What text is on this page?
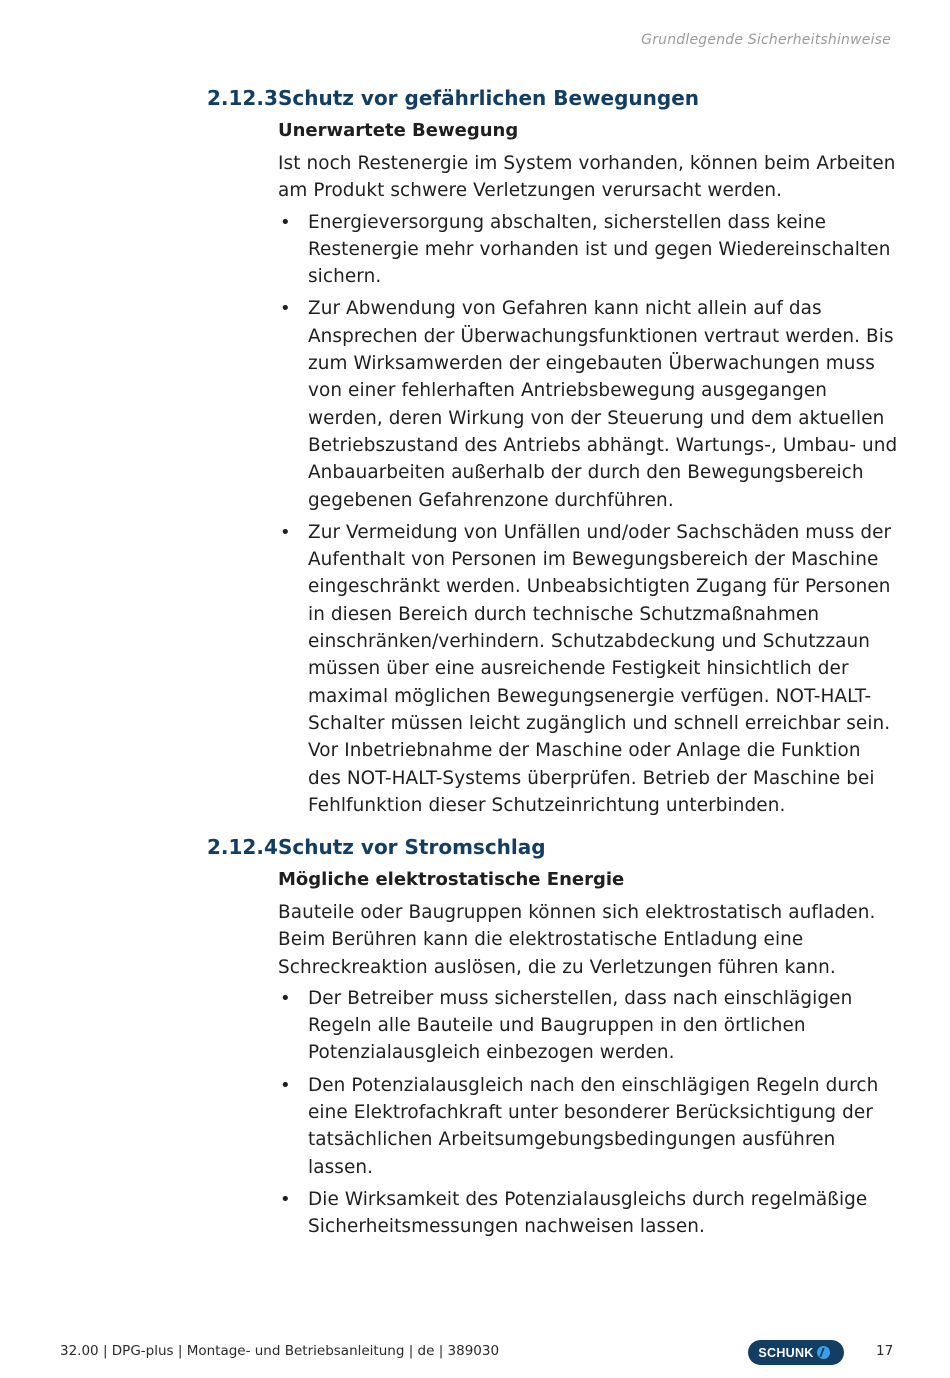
Grundlegende Sicherheitshinweise
2.12.3 Schutz vor gefährlichen Bewegungen
Unerwartete Bewegung

Ist noch Restenergie im System vorhanden, können beim Arbeiten am Produkt schwere Verletzungen verursacht werden.

• Energieversorgung abschalten, sicherstellen dass keine Restenergie mehr vorhanden ist und gegen Wiedereinschalten sichern.
• Zur Abwendung von Gefahren kann nicht allein auf das Ansprechen der Überwachungsfunktionen vertraut werden. Bis zum Wirksamwerden der eingebauten Überwachungen muss von einer fehlerhaften Antriebsbewegung ausgegangen werden, deren Wirkung von der Steuerung und dem aktuellen Betriebszustand des Antriebs abhängt. Wartungs-, Umbau- und Anbauarbeiten außerhalb der durch den Bewegungsbereich gegebenen Gefahrenzone durchführen.
• Zur Vermeidung von Unfällen und/oder Sachschäden muss der Aufenthalt von Personen im Bewegungsbereich der Maschine eingeschränkt werden. Unbeabsichtigten Zugang für Personen in diesen Bereich durch technische Schutzmaßnahmen einschränken/verhindern. Schutzabdeckung und Schutzzaun müssen über eine ausreichende Festigkeit hinsichtlich der maximal möglichen Bewegungsenergie verfügen. NOT-HALT-Schalter müssen leicht zugänglich und schnell erreichbar sein. Vor Inbetriebnahme der Maschine oder Anlage die Funktion des NOT-HALT-Systems überprüfen. Betrieb der Maschine bei Fehlfunktion dieser Schutzeinrichtung unterbinden.
2.12.4 Schutz vor Stromschlag
Mögliche elektrostatische Energie

Bauteile oder Baugruppen können sich elektrostatisch aufladen. Beim Berühren kann die elektrostatische Entladung eine Schreckreaktion auslösen, die zu Verletzungen führen kann.

• Der Betreiber muss sicherstellen, dass nach einschlägigen Regeln alle Bauteile und Baugruppen in den örtlichen Potenzialausgleich einbezogen werden.
• Den Potenzialausgleich nach den einschlägigen Regeln durch eine Elektrofachkraft unter besonderer Berücksichtigung der tatsächlichen Arbeitsumgebungsbedingungen ausführen lassen.
• Die Wirksamkeit des Potenzialausgleichs durch regelmäßige Sicherheitsmessungen nachweisen lassen.
32.00 | DPG-plus | Montage- und Betriebsanleitung | de | 389030	SCHUNK	17
